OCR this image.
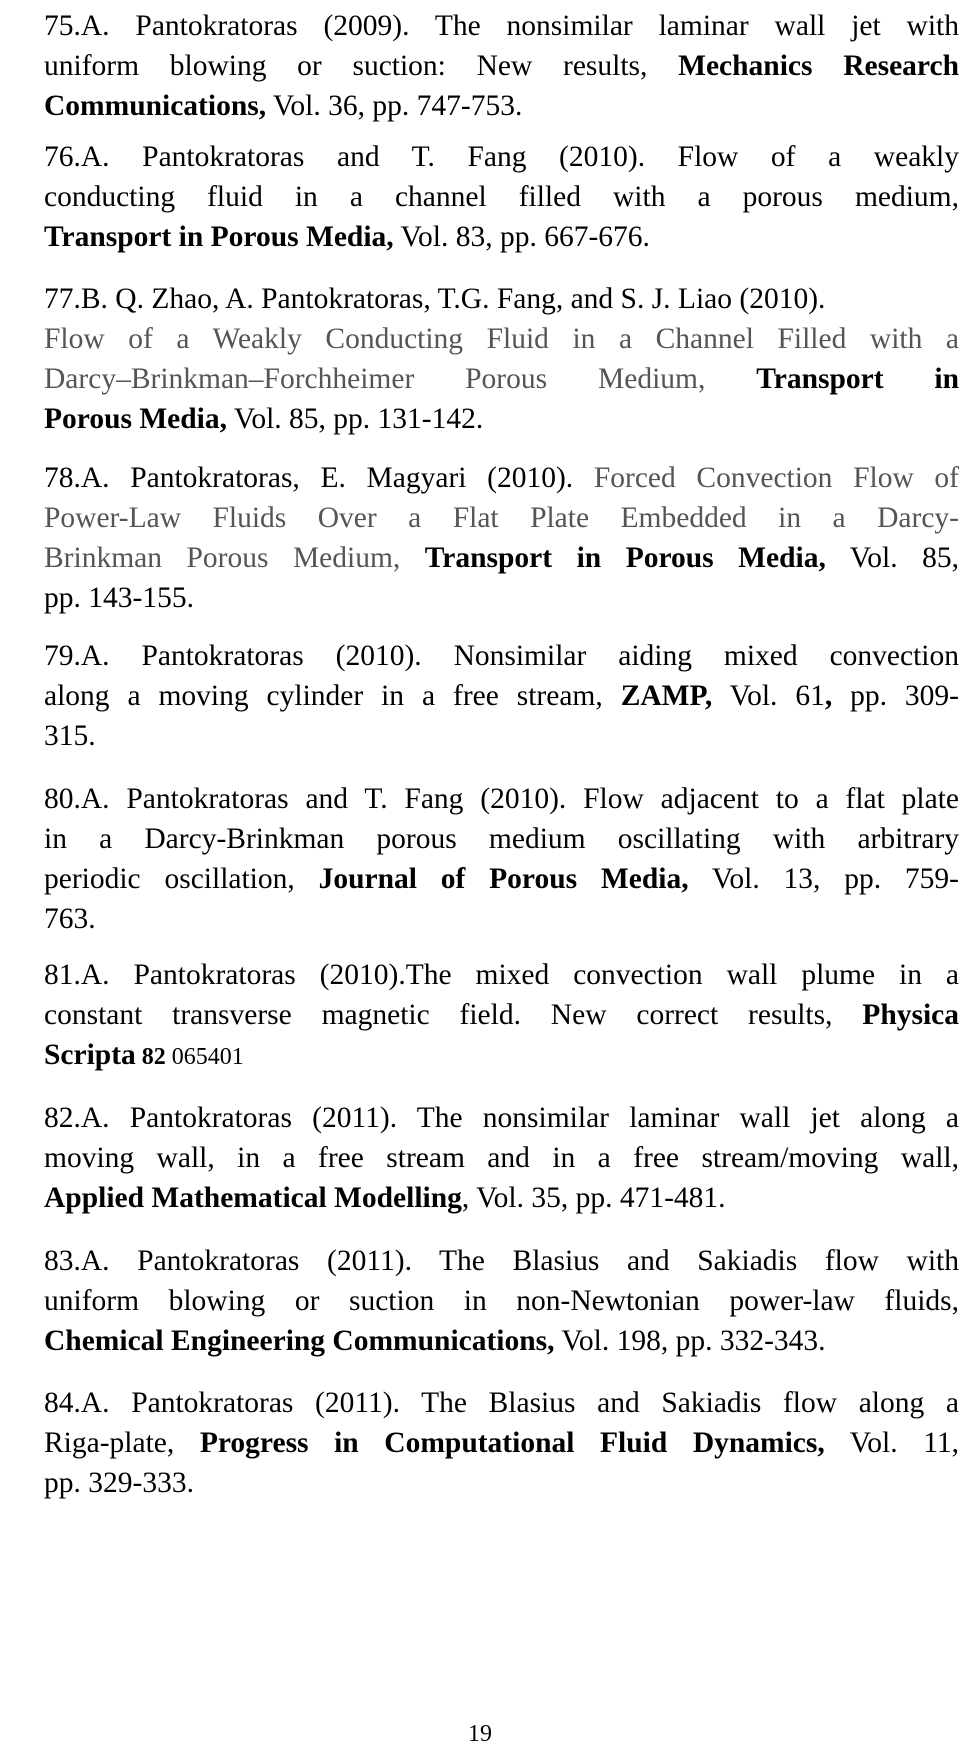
75.A. Pantokratoras (2009). The nonsimilar laminar wall jet with
uniform blowing or suction: New results, Mechanics Research
Communications, Vol. 36, pp. 747-753.
76.A. Pantokratoras and T. Fang (2010). Flow of a weakly
conducting fluid in a channel filled with a porous medium,
Transport in Porous Media, Vol. 83, pp. 667-676.
77.B. Q. Zhao, A. Pantokratoras, T.G. Fang, and S. J. Liao (2010).
Flow of a Weakly Conducting Fluid in a Channel Filled with a
Darcy–Brinkman–Forchheimer Porous Medium, Transport in
Porous Media, Vol. 85, pp. 131-142.
78.A. Pantokratoras, E. Magyari (2010). Forced Convection Flow of
Power-Law Fluids Over a Flat Plate Embedded in a Darcy-
Brinkman Porous Medium, Transport in Porous Media, Vol. 85,
pp. 143-155.
79.A. Pantokratoras (2010). Nonsimilar aiding mixed convection
along a moving cylinder in a free stream, ZAMP, Vol. 61, pp. 309-
315.
80.A. Pantokratoras and T. Fang (2010). Flow adjacent to a flat plate
in a Darcy-Brinkman porous medium oscillating with arbitrary
periodic oscillation, Journal of Porous Media, Vol. 13, pp. 759-
763.
81.A. Pantokratoras (2010).The mixed convection wall plume in a
constant transverse magnetic field. New correct results, Physica
Scripta 82 065401
82.A. Pantokratoras (2011). The nonsimilar laminar wall jet along a
moving wall, in a free stream and in a free stream/moving wall,
Applied Mathematical Modelling, Vol. 35, pp. 471-481.
83.A. Pantokratoras (2011). The Blasius and Sakiadis flow with
uniform blowing or suction in non-Newtonian power-law fluids,
Chemical Engineering Communications, Vol. 198, pp. 332-343.
84.A. Pantokratoras (2011). The Blasius and Sakiadis flow along a
Riga-plate, Progress in Computational Fluid Dynamics, Vol. 11,
pp. 329-333.
19
